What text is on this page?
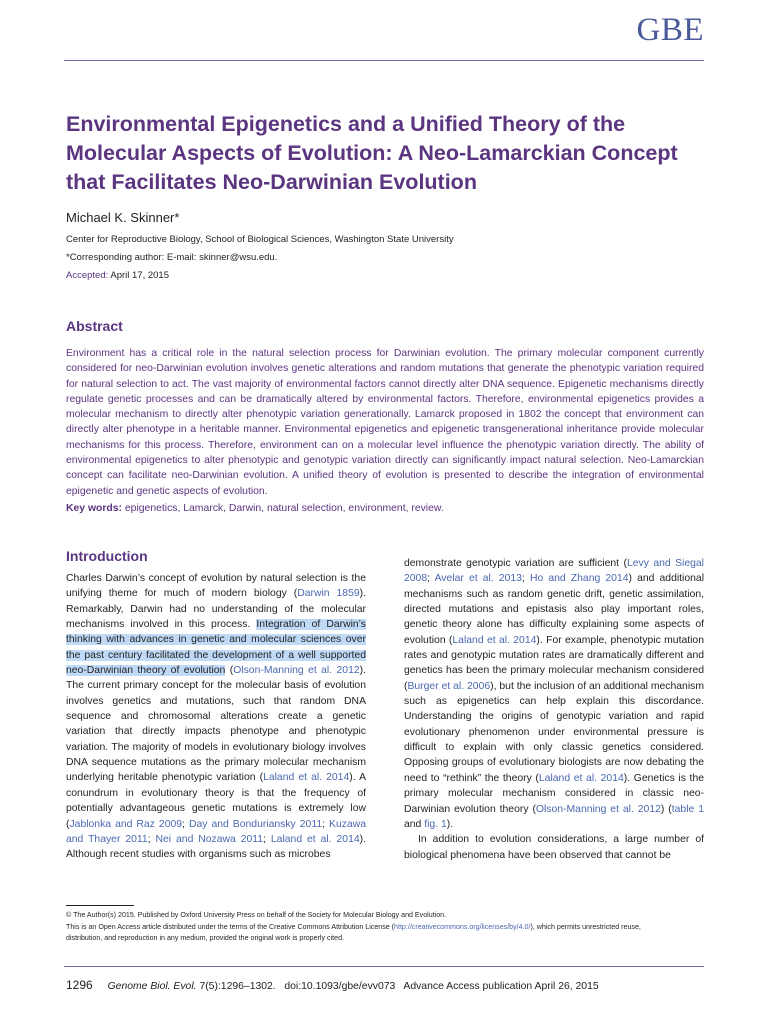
GBE
Environmental Epigenetics and a Unified Theory of the Molecular Aspects of Evolution: A Neo-Lamarckian Concept that Facilitates Neo-Darwinian Evolution
Michael K. Skinner*
Center for Reproductive Biology, School of Biological Sciences, Washington State University
*Corresponding author: E-mail: skinner@wsu.edu.
Accepted: April 17, 2015
Abstract

Environment has a critical role in the natural selection process for Darwinian evolution. The primary molecular component currently considered for neo-Darwinian evolution involves genetic alterations and random mutations that generate the phenotypic variation required for natural selection to act. The vast majority of environmental factors cannot directly alter DNA sequence. Epigenetic mechanisms directly regulate genetic processes and can be dramatically altered by environmental factors. Therefore, environmental epigenetics provides a molecular mechanism to directly alter phenotypic variation generationally. Lamarck proposed in 1802 the concept that environment can directly alter phenotype in a heritable manner. Environmental epigenetics and epigenetic transgenerational inheritance provide molecular mechanisms for this process. Therefore, environment can on a molecular level influence the phenotypic variation directly. The ability of environmental epigenetics to alter phenotypic and genotypic variation directly can significantly impact natural selection. Neo-Lamarckian concept can facilitate neo-Darwinian evolution. A unified theory of evolution is presented to describe the integration of environmental epigenetic and genetic aspects of evolution.

Key words: epigenetics, Lamarck, Darwin, natural selection, environment, review.
Introduction

Charles Darwin’s concept of evolution by natural selection is the unifying theme for much of modern biology (Darwin 1859). Remarkably, Darwin had no understanding of the molecular mechanisms involved in this process. Integration of Darwin’s thinking with advances in genetic and molecular sciences over the past century facilitated the development of a well supported neo-Darwinian theory of evolution (Olson-Manning et al. 2012). The current primary concept for the molecular basis of evolution involves genetics and mutations, such that random DNA sequence and chromosomal alterations create a genetic variation that directly impacts phenotype and phenotypic variation. The majority of models in evolutionary biology involves DNA sequence mutations as the primary molecular mechanism underlying heritable phenotypic variation (Laland et al. 2014). A conundrum in evolutionary theory is that the frequency of potentially advantageous genetic mutations is extremely low (Jablonka and Raz 2009; Day and Bonduriansky 2011; Kuzawa and Thayer 2011; Nei and Nozawa 2011; Laland et al. 2014). Although recent studies with organisms such as microbes

demonstrate genotypic variation are sufficient (Levy and Siegal 2008; Avelar et al. 2013; Ho and Zhang 2014) and additional mechanisms such as random genetic drift, genetic assimilation, directed mutations and epistasis also play important roles, genetic theory alone has difficulty explaining some aspects of evolution (Laland et al. 2014). For example, phenotypic mutation rates and genotypic mutation rates are dramatically different and genetics has been the primary molecular mechanism considered (Burger et al. 2006), but the inclusion of an additional mechanism such as epigenetics can help explain this discordance. Understanding the origins of genotypic variation and rapid evolutionary phenomenon under environmental pressure is difficult to explain with only classic genetics considered. Opposing groups of evolutionary biologists are now debating the need to “rethink” the theory (Laland et al. 2014). Genetics is the primary molecular mechanism considered in classic neo-Darwinian evolution theory (Olson-Manning et al. 2012) (table 1 and fig. 1).

In addition to evolution considerations, a large number of biological phenomena have been observed that cannot be

© The Author(s) 2015. Published by Oxford University Press on behalf of the Society for Molecular Biology and Evolution.

This is an Open Access article distributed under the terms of the Creative Commons Attribution License (http://creativecommons.org/licenses/by/4.0/), which permits unrestricted reuse,

distribution, and reproduction in any medium, provided the original work is properly cited.

1296 Genome Biol. Evol. 7(5):1296–1302. doi:10.1093/gbe/evv073 Advance Access publication April 26, 2015
